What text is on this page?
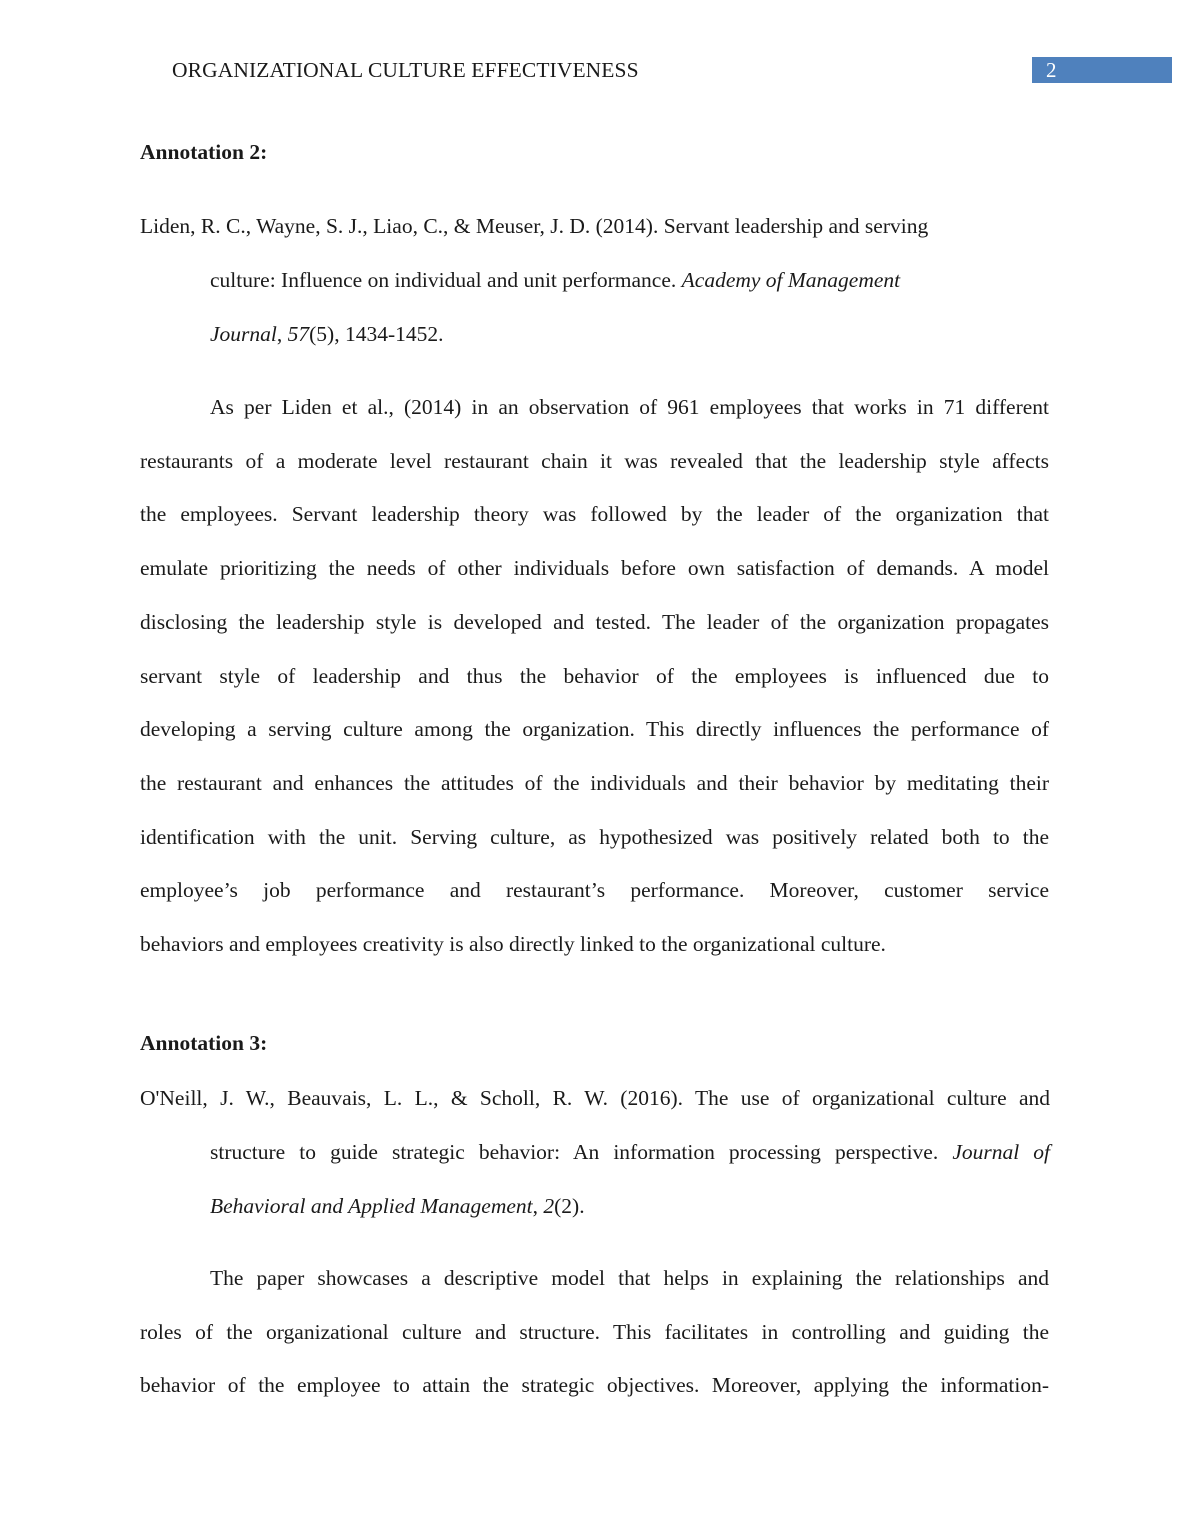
ORGANIZATIONAL CULTURE EFFECTIVENESS	2
Annotation 2:
Liden, R. C., Wayne, S. J., Liao, C., & Meuser, J. D. (2014). Servant leadership and serving
culture: Influence on individual and unit performance. Academy of Management
Journal, 57(5), 1434-1452.
As per Liden et al., (2014) in an observation of 961 employees that works in 71 different
restaurants of a moderate level restaurant chain it was revealed that the leadership style affects
the employees. Servant leadership theory was followed by the leader of the organization that
emulate prioritizing the needs of other individuals before own satisfaction of demands. A model
disclosing the leadership style is developed and tested. The leader of the organization propagates
servant style of leadership and thus the behavior of the employees is influenced due to
developing a serving culture among the organization. This directly influences the performance of
the restaurant and enhances the attitudes of the individuals and their behavior by meditating their
identification with the unit. Serving culture, as hypothesized was positively related both to the
employee’s job performance and restaurant’s performance. Moreover, customer service
behaviors and employees creativity is also directly linked to the organizational culture.
Annotation 3:
O'Neill, J. W., Beauvais, L. L., & Scholl, R. W. (2016). The use of organizational culture and
structure to guide strategic behavior: An information processing perspective. Journal of
Behavioral and Applied Management, 2(2).
The paper showcases a descriptive model that helps in explaining the relationships and
roles of the organizational culture and structure. This facilitates in controlling and guiding the
behavior of the employee to attain the strategic objectives. Moreover, applying the information-
